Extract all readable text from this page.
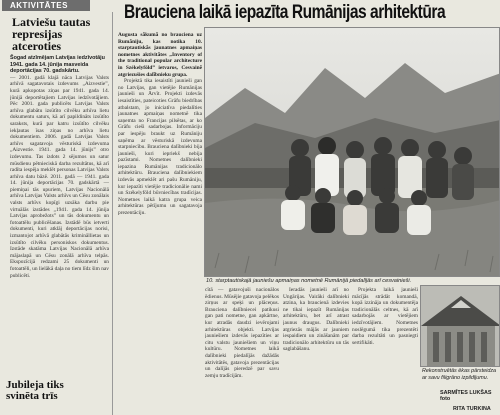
AKTIVITĀTES
Latviešu tautas
represijas
atceroties
Šogad atzīmējam Latvijas iedzīvotāju 1941. gada 14. jūnija masveida deportācijas 70. gadskārtu.

— 2001. gadā klajā nāca Latvijas Valsts arhīvā sagatavotais izdevums „Aizvestie”, kurā apkopotas ziņas par 1941. gada 14. jūnijā deportētajiem Latvijas iedzīvotājiem. Pēc 2001. gada publicēts Latvijas Valsts arhīva glabātu izsūtīto cilvēku arhīva lietu dokumentu saturs, kā arī papildināts izsūtīto saraksts, kurā par katru izsūtīto cilvēku iekļautas īsas ziņas no arhīva lietu dokumentiem. 2006. gadā Latvijas Valsts arhīvs sagatavoja vēsturiskā izdevuma „Aizvestie. 1941. gada 14. jūnijs” otro izdevumu. Tas izdots 2 sējumos un satur mūsdienu pētnieciskā darba rezultātus, kā arī radīta iespēja meklēt personas Latvijas Valsts arhīva datu bāzē. 2011. gadā — 1941. gada 14. jūnija deportācijas 70. gadskārtā — piemiņai tās upuriem, Latvijas Nacionālā arhīva Latvijas Valsts arhīvs un Cēsu zonālais valsts arhīvs kopīgi uzsāka darbu pie virtuālās izstādes „1941. gada 14. jūnija Latvijas aprobežots” un tās dokumentu un fotoattēlu publicēšanas. Izstādē būs ietverti dokumenti, kuri atklāj deportācijas norisi, izmantojot arhīvā glabātās krimināllietas un izsūtīto cilvēku personiskos dokumentus. Izstāde skatāma Latvijas Nacionālā arhīva mājaslapā un Cēsu zonālā arhīva telpās. Ekspozīcijā redzami 25 dokumenti un fotoattēli, un lielākā daļa no tiem līdz šim nav publicēti.

Jubileja tiks
svinēta trīs
Brauciena laikā iepazīta Rumānijas arhitektūra

Augusta sākumā no brauciena uz Rumāniju, kas notika 10. starptautiskās jaunatnes apmaiņas nometnes aktivitātes „Inventory of the traditional popular architecture in Székelyföld” ietvaros, Cesvainē atgriezušies dalībnieku grupa.

Projektā tika iesaistīti jaunieši gan no Latvijas, gan vietējie Rumānijas jaunieši un Ārvīt. Projekti izdevās iesaistīties, pateicoties Grāfu biedrības atbalstam, jo iniciatīva piedalīties jaunatnes apmaiņas nometnē tika saņemta no Francijas pilsētas, ar ko Grāfu cieši sadarbojas. Informāciju par iespēju braukt uz Rumāniju saņēma ar vēsturiskā izdevuma starpniecību. Brauciena dalībnieki bija jaunieši, kuri iepriekš nebija pazīstami. Nometnes dalībnieki iepazina Rumānijas tradicionālo arhitektūru. Brauciena dalībniekiem izdevās apmeklēt ari pašu Rumāniju, kur iepazīti vietējie tradicionālie nami un Székelyföld būvniecības tradīcijas. Nometnes laikā katra grupa veica arhitektūras pētījumu un sagatavoja prezentāciju.

10. starptautiskajā jauniešu apmaiņas nometnē Rumānijā piedalījās arī cesvainieši.

cītā — gatavojuši nacionālos ēdienus. Mūsējie gatavoja pelēkos zirņus ar speķi un plāceņus. Brauciena dalībniecei patikusi gan pati nometne, gan apkārtne, kur atradās daudzi ievērojami arhitektūras objekti. Latvijas jauniešiem izdevās iepazīties ar citu valstu jauniešiem un viņu kultūru. Nometnes laikā dalībnieki piedalījās dažādās aktivitātēs, gatavoja prezentācijas un dalījās pieredzē par savu zemju tradīcijām.

Ieradās jaunieši arī no Ungārijas. Vairāki dalībnieki atzina, ka braucienā izdevies ne tikai iepazīt Rumānijas arhitektūru, bet arī atrast jaunus draugus. Dalībnieki atgriezās mājās ar jauniem iespaidiem un zināšanām par tradicionālo arhitektūru un tās saglabāšanu.

Projekta laikā jaunieši mācījās strādāt komandā, kopā izzināja un dokumentēja tradicionālās celtnes, kā arī sadarbojās ar vietējiem iedzīvotājiem. Nometnes noslēgumā tika prezentēti darba rezultāti un pasniegti sertifikāti.

Rekonstruētās ēkas pārsteidza ar savu filigrāno izpildījumu.
SARMĪTES LUKŠAS foto
RITA TURKINA
